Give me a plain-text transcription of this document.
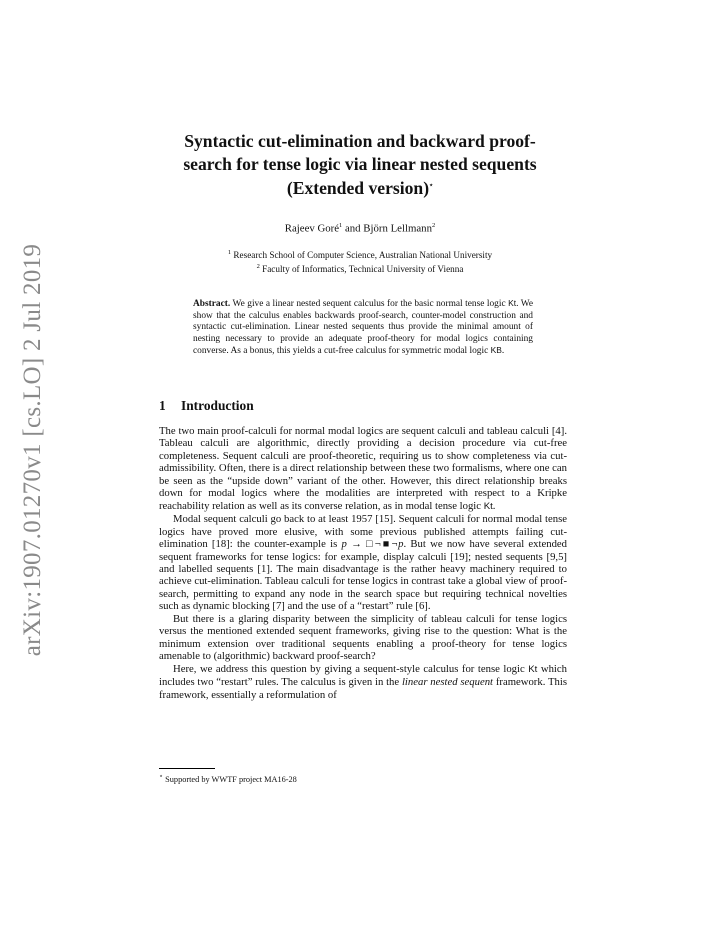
arXiv:1907.01270v1 [cs.LO] 2 Jul 2019
Syntactic cut-elimination and backward proof-search for tense logic via linear nested sequents (Extended version)⋆
Rajeev Goré$^1$ and Björn Lellmann$^2$
$^1$ Research School of Computer Science, Australian National University
$^2$ Faculty of Informatics, Technical University of Vienna
Abstract. We give a linear nested sequent calculus for the basic normal tense logic Kt. We show that the calculus enables backwards proof-search, counter-model construction and syntactic cut-elimination. Linear nested sequents thus provide the minimal amount of nesting necessary to provide an adequate proof-theory for modal logics containing converse. As a bonus, this yields a cut-free calculus for symmetric modal logic KB.
1 Introduction

The two main proof-calculi for normal modal logics are sequent calculi and tableau calculi [4]. Tableau calculi are algorithmic, directly providing a decision procedure via cut-free completeness. Sequent calculi are proof-theoretic, requiring us to show completeness via cut-admissibility. Often, there is a direct relationship between these two formalisms, where one can be seen as the “upside down” variant of the other. However, this direct relationship breaks down for modal logics where the modalities are interpreted with respect to a Kripke reachability relation as well as its converse relation, as in modal tense logic Kt.

Modal sequent calculi go back to at least 1957 [15]. Sequent calculi for normal modal tense logics have proved more elusive, with some previous published attempts failing cut-elimination [18]: the counter-example is p → □¬■¬p. But we now have several extended sequent frameworks for tense logics: for example, display calculi [19]; nested sequents [9,5] and labelled sequents [1]. The main disadvantage is the rather heavy machinery required to achieve cut-elimination. Tableau calculi for tense logics in contrast take a global view of proof-search, permitting to expand any node in the search space but requiring technical novelties such as dynamic blocking [7] and the use of a “restart” rule [6].

But there is a glaring disparity between the simplicity of tableau calculi for tense logics versus the mentioned extended sequent frameworks, giving rise to the question: What is the minimum extension over traditional sequents enabling a proof-theory for tense logics amenable to (algorithmic) backward proof-search?

Here, we address this question by giving a sequent-style calculus for tense logic Kt which includes two “restart” rules. The calculus is given in the linear nested sequent framework. This framework, essentially a reformulation of

⋆ Supported by WWTF project MA16-28
